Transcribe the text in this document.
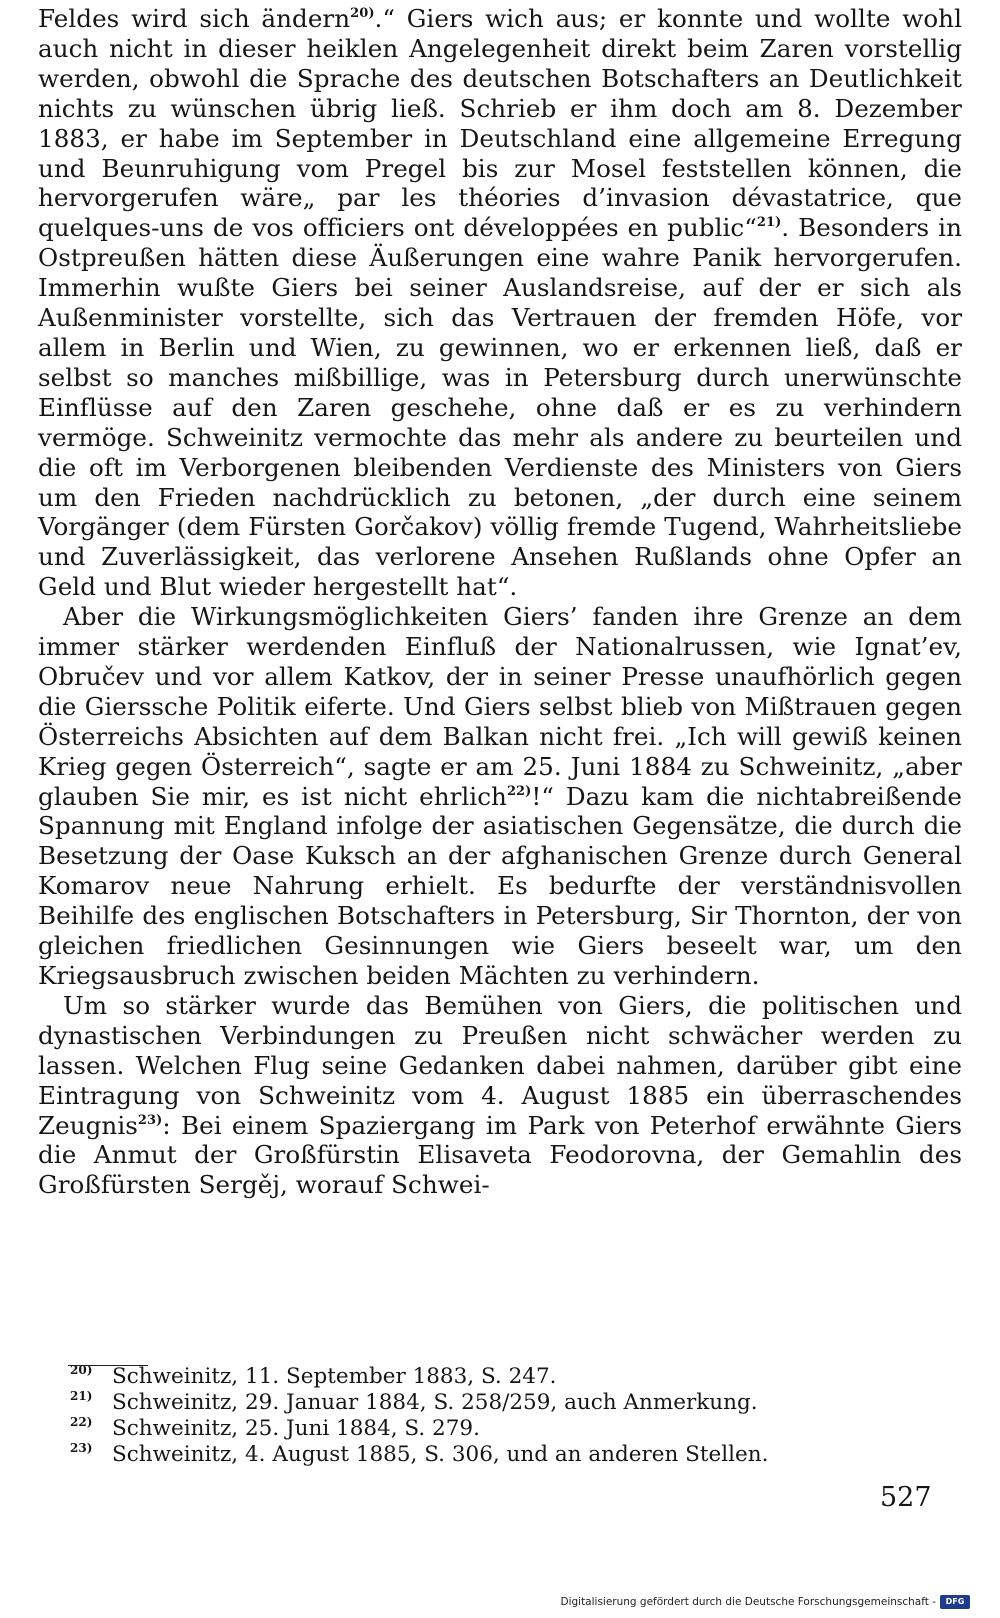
Feldes wird sich ändern$^{20)}$.“ Giers wich aus; er konnte und wollte wohl auch nicht in dieser heiklen Angelegenheit direkt beim Zaren vorstellig werden, obwohl die Sprache des deutschen Botschafters an Deutlichkeit nichts zu wünschen übrig ließ. Schrieb er ihm doch am 8. Dezember 1883, er habe im September in Deutschland eine allgemeine Erregung und Beunruhigung vom Pregel bis zur Mosel feststellen können, die hervorgerufen wäre„ par les théories d’invasion dévastatrice, que quelques-uns de vos officiers ont développées en public“$^{21)}$. Besonders in Ostpreußen hätten diese Äußerungen eine wahre Panik hervorgerufen. Immerhin wußte Giers bei seiner Auslandsreise, auf der er sich als Außenminister vorstellte, sich das Vertrauen der fremden Höfe, vor allem in Berlin und Wien, zu gewinnen, wo er erkennen ließ, daß er selbst so manches mißbillige, was in Petersburg durch unerwünschte Einflüsse auf den Zaren geschehe, ohne daß er es zu verhindern vermöge. Schweinitz vermochte das mehr als andere zu beurteilen und die oft im Verborgenen bleibenden Verdienste des Ministers von Giers um den Frieden nachdrücklich zu betonen, „der durch eine seinem Vorgänger (dem Fürsten Gorčakov) völlig fremde Tugend, Wahrheitsliebe und Zuverlässigkeit, das verlorene Ansehen Rußlands ohne Opfer an Geld und Blut wieder hergestellt hat“.

Aber die Wirkungsmöglichkeiten Giers’ fanden ihre Grenze an dem immer stärker werdenden Einfluß der Nationalrussen, wie Ignat’ev, Obručev und vor allem Katkov, der in seiner Presse unaufhörlich gegen die Gierssche Politik eiferte. Und Giers selbst blieb von Mißtrauen gegen Österreichs Absichten auf dem Balkan nicht frei. „Ich will gewiß keinen Krieg gegen Österreich“, sagte er am 25. Juni 1884 zu Schweinitz, „aber glauben Sie mir, es ist nicht ehrlich$^{22)}$!“ Dazu kam die nichtabreißende Spannung mit England infolge der asiatischen Gegensätze, die durch die Besetzung der Oase Kuksch an der afghanischen Grenze durch General Komarov neue Nahrung erhielt. Es bedurfte der verständnisvollen Beihilfe des englischen Botschafters in Petersburg, Sir Thornton, der von gleichen friedlichen Gesinnungen wie Giers beseelt war, um den Kriegsausbruch zwischen beiden Mächten zu verhindern.

Um so stärker wurde das Bemühen von Giers, die politischen und dynastischen Verbindungen zu Preußen nicht schwächer werden zu lassen. Welchen Flug seine Gedanken dabei nahmen, darüber gibt eine Eintragung von Schweinitz vom 4. August 1885 ein überraschendes Zeugnis$^{23)}$: Bei einem Spaziergang im Park von Peterhof erwähnte Giers die Anmut der Großfürstin Elisaveta Feodorovna, der Gemahlin des Großfürsten Sergěj, worauf Schwei-

20) Schweinitz, 11. September 1883, S. 247.
21) Schweinitz, 29. Januar 1884, S. 258/259, auch Anmerkung.
22) Schweinitz, 25. Juni 1884, S. 279.
23) Schweinitz, 4. August 1885, S. 306, und an anderen Stellen.
527
Digitalisierung gefördert durch die Deutsche Forschungsgemeinschaft -	DFG
